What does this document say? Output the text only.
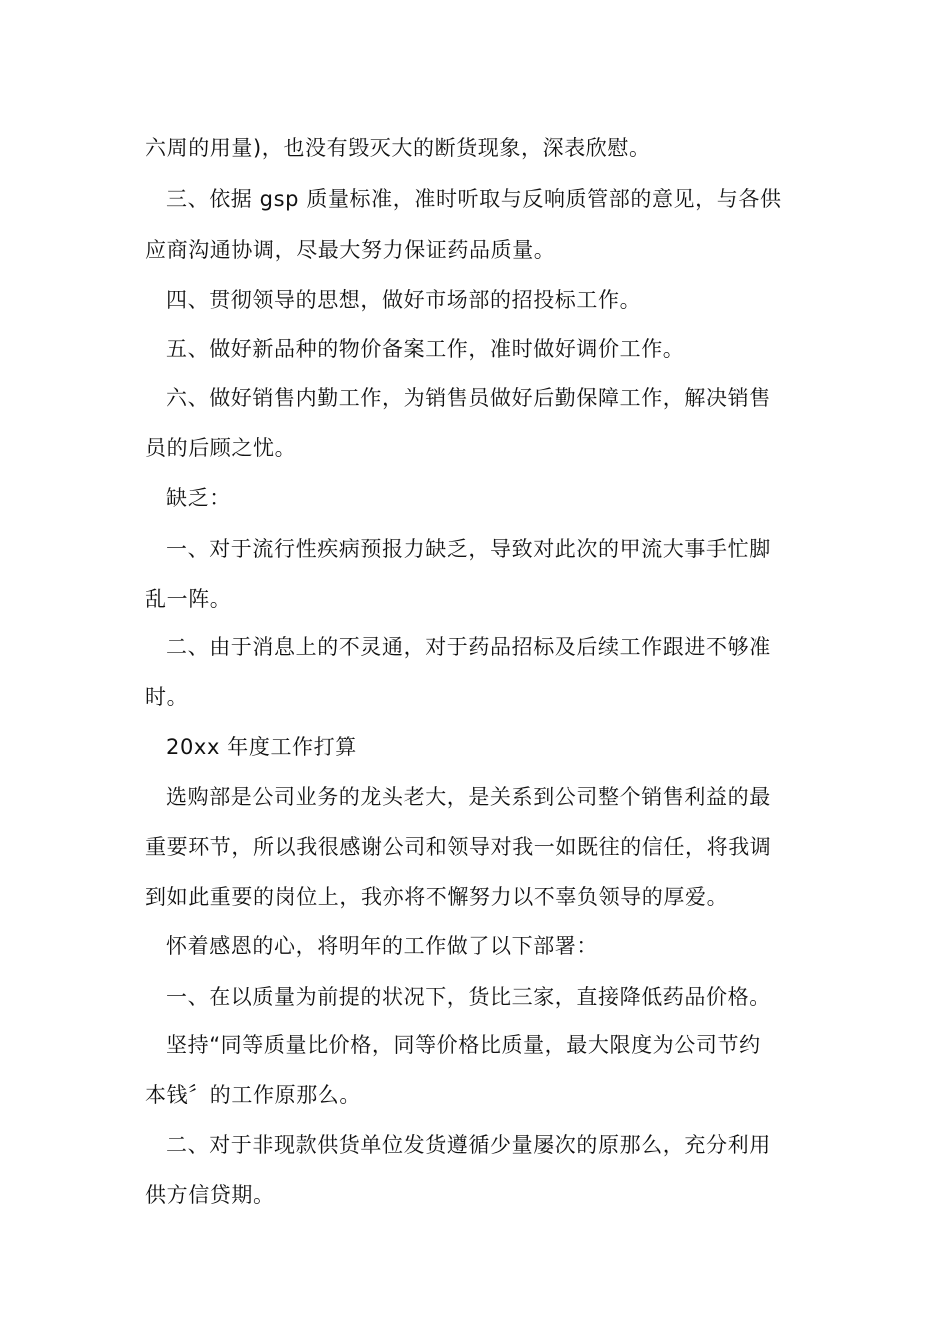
六周的用量)，也没有毁灭大的断货现象，深表欣慰。
三、依据 gsp 质量标准，准时听取与反响质管部的意见，与各供
应商沟通协调，尽最大努力保证药品质量。
四、贯彻领导的思想，做好市场部的招投标工作。
五、做好新品种的物价备案工作，准时做好调价工作。
六、做好销售内勤工作，为销售员做好后勤保障工作，解决销售
员的后顾之忧。
缺乏：
一、对于流行性疾病预报力缺乏，导致对此次的甲流大事手忙脚
乱一阵。
二、由于消息上的不灵通，对于药品招标及后续工作跟进不够准
时。
20xx 年度工作打算
选购部是公司业务的龙头老大，是关系到公司整个销售利益的最
重要环节，所以我很感谢公司和领导对我一如既往的信任，将我调
到如此重要的岗位上，我亦将不懈努力以不辜负领导的厚爱。
怀着感恩的心，将明年的工作做了以下部署：
一、在以质量为前提的状况下，货比三家，直接降低药品价格。
坚持“同等质量比价格，同等价格比质量，最大限度为公司节约
本钱〞的工作原那么。
二、对于非现款供货单位发货遵循少量屡次的原那么，充分利用
供方信贷期。
